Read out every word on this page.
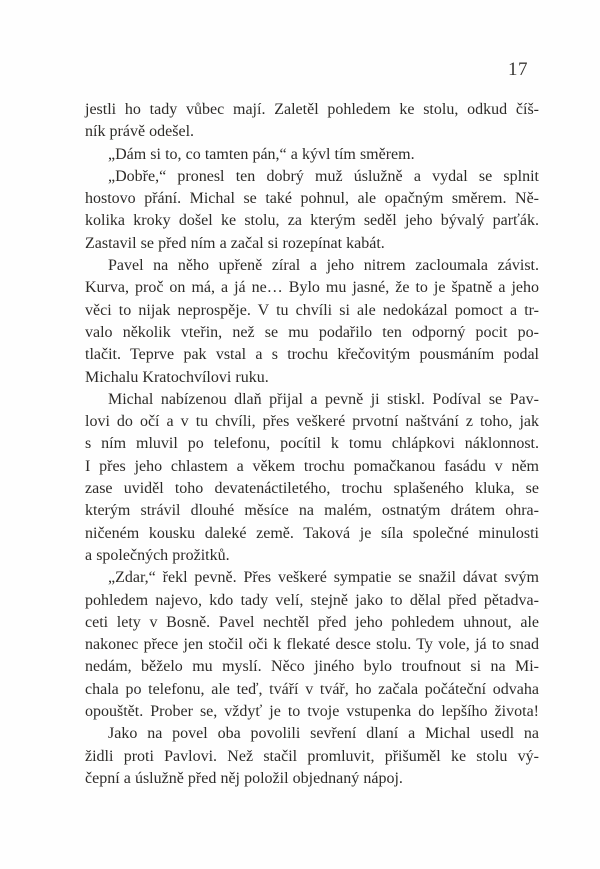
17
jestli ho tady vůbec mají. Zaletěl pohledem ke stolu, odkud číš-
ník právě odešel.
„Dám si to, co tamten pán,“ a kývl tím směrem.
„Dobře,“ pronesl ten dobrý muž úslužně a vydal se splnit
hostovo přání. Michal se také pohnul, ale opačným směrem. Ně-
kolika kroky došel ke stolu, za kterým seděl jeho bývalý parťák.
Zastavil se před ním a začal si rozepínat kabát.
Pavel na něho upřeně zíral a jeho nitrem zacloumala závist.
Kurva, proč on má, a já ne… Bylo mu jasné, že to je špatně a jeho
věci to nijak neprospěje. V tu chvíli si ale nedokázal pomoct a tr-
valo několik vteřin, než se mu podařilo ten odporný pocit po-
tlačit. Teprve pak vstal a s trochu křečovitým pousmáním podal
Michalu Kratochvílovi ruku.
Michal nabízenou dlaň přijal a pevně ji stiskl. Podíval se Pav-
lovi do očí a v tu chvíli, přes veškeré prvotní naštvání z toho, jak
s ním mluvil po telefonu, pocítil k tomu chlápkovi náklonnost.
I přes jeho chlastem a věkem trochu pomačkanou fasádu v něm
zase uviděl toho devatenáctiletého, trochu splašeného kluka, se
kterým strávil dlouhé měsíce na malém, ostnatým drátem ohra-
ničeném kousku daleké země. Taková je síla společné minulosti
a společných prožitků.
„Zdar,“ řekl pevně. Přes veškeré sympatie se snažil dávat svým
pohledem najevo, kdo tady velí, stejně jako to dělal před pětadva-
ceti lety v Bosně. Pavel nechtěl před jeho pohledem uhnout, ale
nakonec přece jen stočil oči k flekaté desce stolu. Ty vole, já to snad
nedám, běželo mu myslí. Něco jiného bylo troufnout si na Mi-
chala po telefonu, ale teď, tváří v tvář, ho začala počáteční odvaha
opouštět. Prober se, vždyť je to tvoje vstupenka do lepšího života!
Jako na povel oba povolili sevření dlaní a Michal usedl na
židli proti Pavlovi. Než stačil promluvit, přišuměl ke stolu vý-
čepní a úslužně před něj položil objednaný nápoj.
